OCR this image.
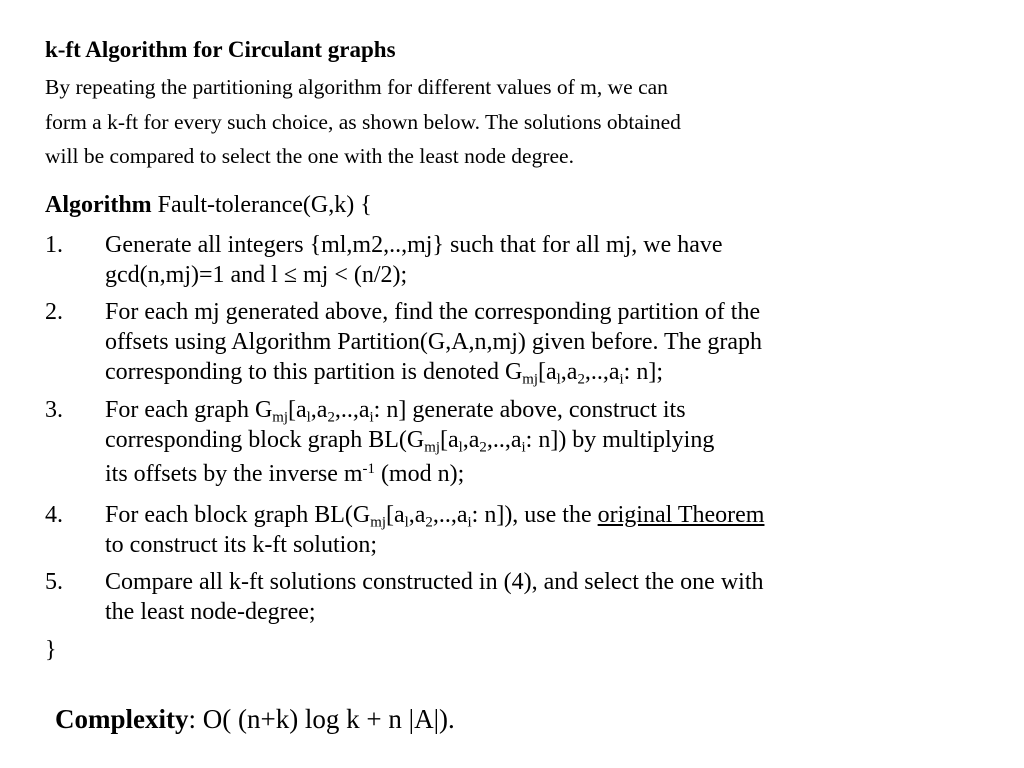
k-ft Algorithm for Circulant graphs
By repeating the partitioning algorithm for different values of m, we can
form a k-ft for every such choice, as shown below. The solutions obtained
will be compared to select the one with the least node degree.
Algorithm Fault-tolerance(G,k) {
1. Generate all integers {ml,m2,..,mj} such that for all mj, we have
gcd(n,mj)=1 and l ≤ mj < (n/2);
2. For each mj generated above, find the corresponding partition of the
offsets using Algorithm Partition(G,A,n,mj) given before. The graph
corresponding to this partition is denoted $G_{mj}[a_l,a_2,..,a_i$: n];
3. For each graph $G_{mj}[a_l,a_2,..,a_i$: n] generate above, construct its
corresponding block graph $BL(G_{mj}[a_l,a_2,..,a_i$: n]) by multiplying
its offsets by the inverse $m^{-1}$ (mod n);
4. For each block graph $BL(G_{mj}[a_l,a_2,..,a_i$: n]), use the original Theorem
to construct its k-ft solution;
5. Compare all k-ft solutions constructed in (4), and select the one with
the least node-degree;
}
Complexity: O( (n+k) log k + n |A|).
